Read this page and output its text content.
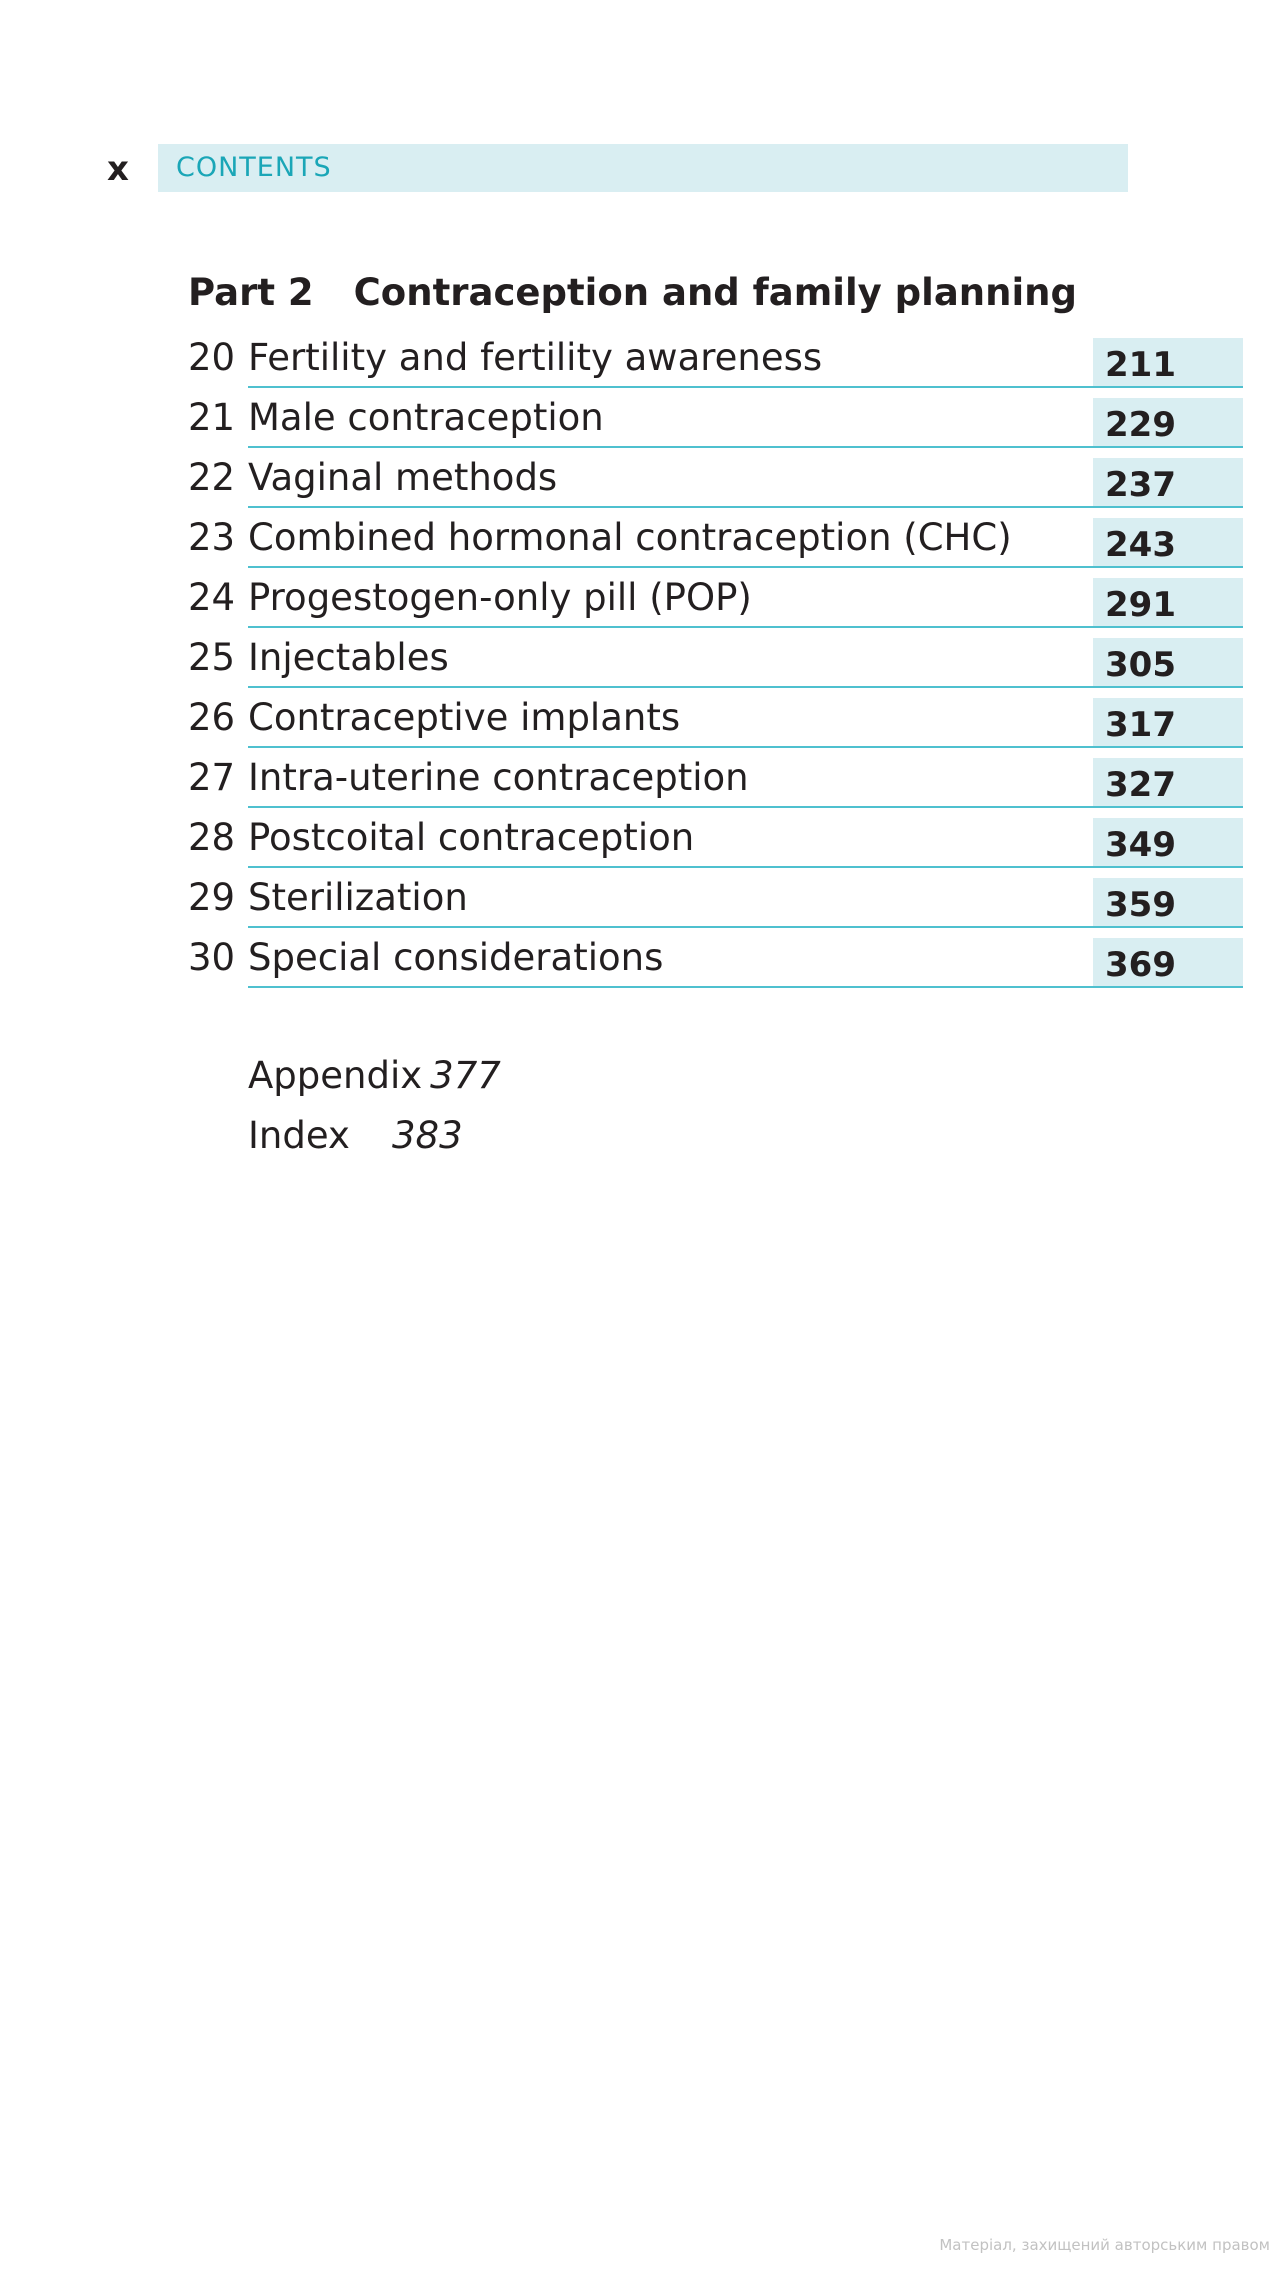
x CONTENTS
Part 2 Contraception and family planning
20 Fertility and fertility awareness	211
21 Male contraception	229
22 Vaginal methods	237
23 Combined hormonal contraception (CHC)	243
24 Progestogen-only pill (POP)	291
25 Injectables	305
26 Contraceptive implants	317
27 Intra-uterine contraception	327
28 Postcoital contraception	349
29 Sterilization	359
30 Special considerations	369
Appendix 377
Index 383
Матеріал, захищений авторським правом
